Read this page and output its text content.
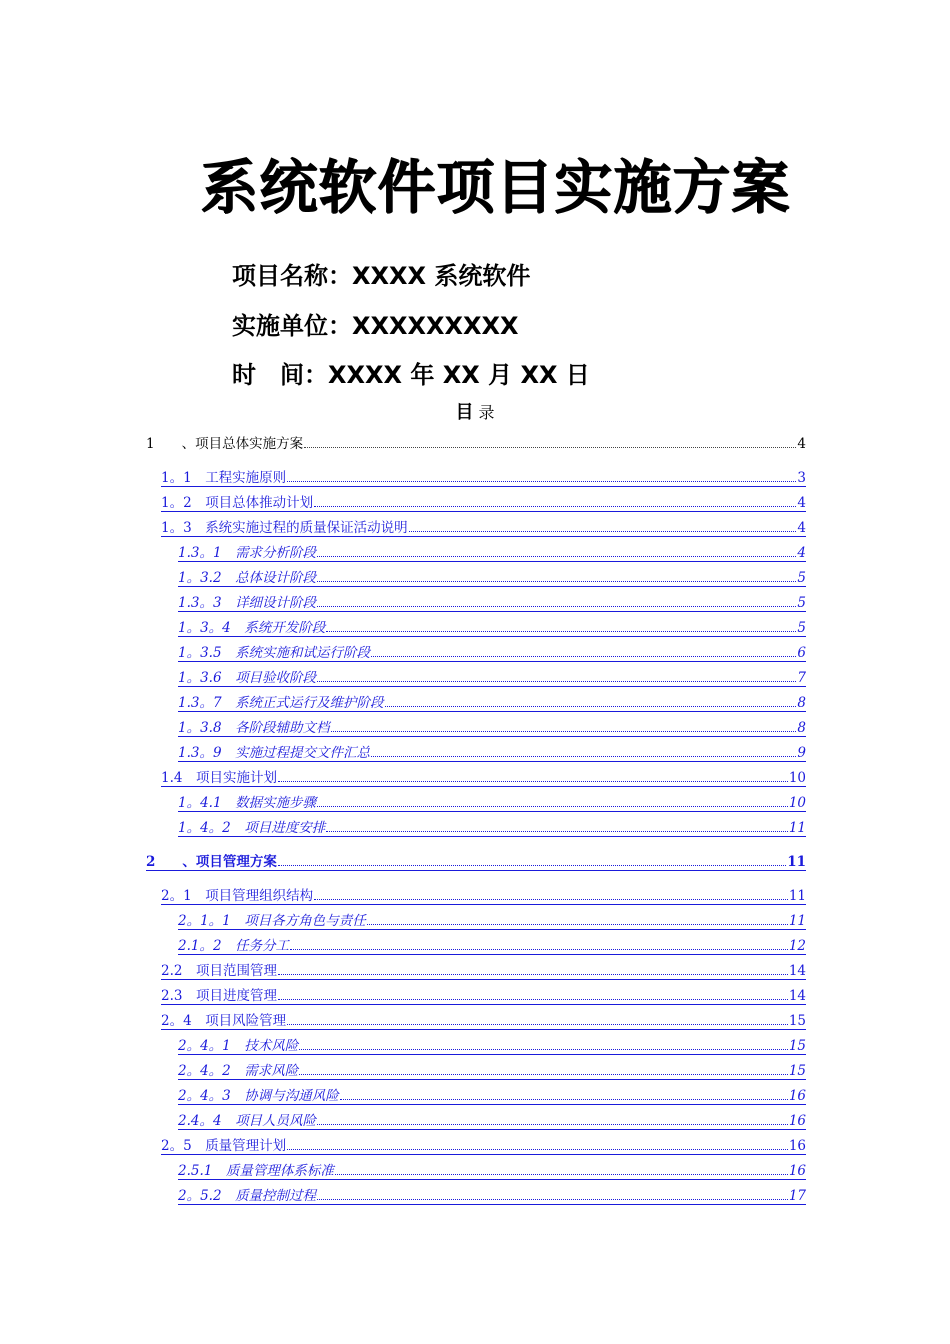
系统软件项目实施方案
项目名称：XXXX 系统软件
实施单位：XXXXXXXXX
时　间：XXXX 年 XX 月 XX 日
目 录
1　　、 项目总体实施方案	4
1。1　 工程实施原则	3
1。2　 项目总体推动计划	4
1。3　 系统实施过程的质量保证活动说明	4
1.3。1　 需求分析阶段	4
1。3.2　 总体设计阶段	5
1.3。3　 详细设计阶段	5
1。3。4　 系统开发阶段	5
1。3.5　 系统实施和试运行阶段	6
1。3.6　 项目验收阶段	7
1.3。7　 系统正式运行及维护阶段	8
1。3.8　 各阶段辅助文档	8
1.3。9　 实施过程提交文件汇总	9
1.4　 项目实施计划	10
1。4.1　 数据实施步骤	10
1。4。2　 项目进度安排	11
2　　、 项目管理方案	11
2。1　 项目管理组织结构	11
2。1。1　 项目各方角色与责任	11
2.1。2　 任务分工	12
2.2　 项目范围管理	14
2.3　 项目进度管理	14
2。4　 项目风险管理	15
2。4。1　 技术风险	15
2。4。2　 需求风险	15
2。4。3　 协调与沟通风险	16
2.4。4　 项目人员风险	16
2。5　 质量管理计划	16
2.5.1　 质量管理体系标准	16
2。5.2　 质量控制过程	17
